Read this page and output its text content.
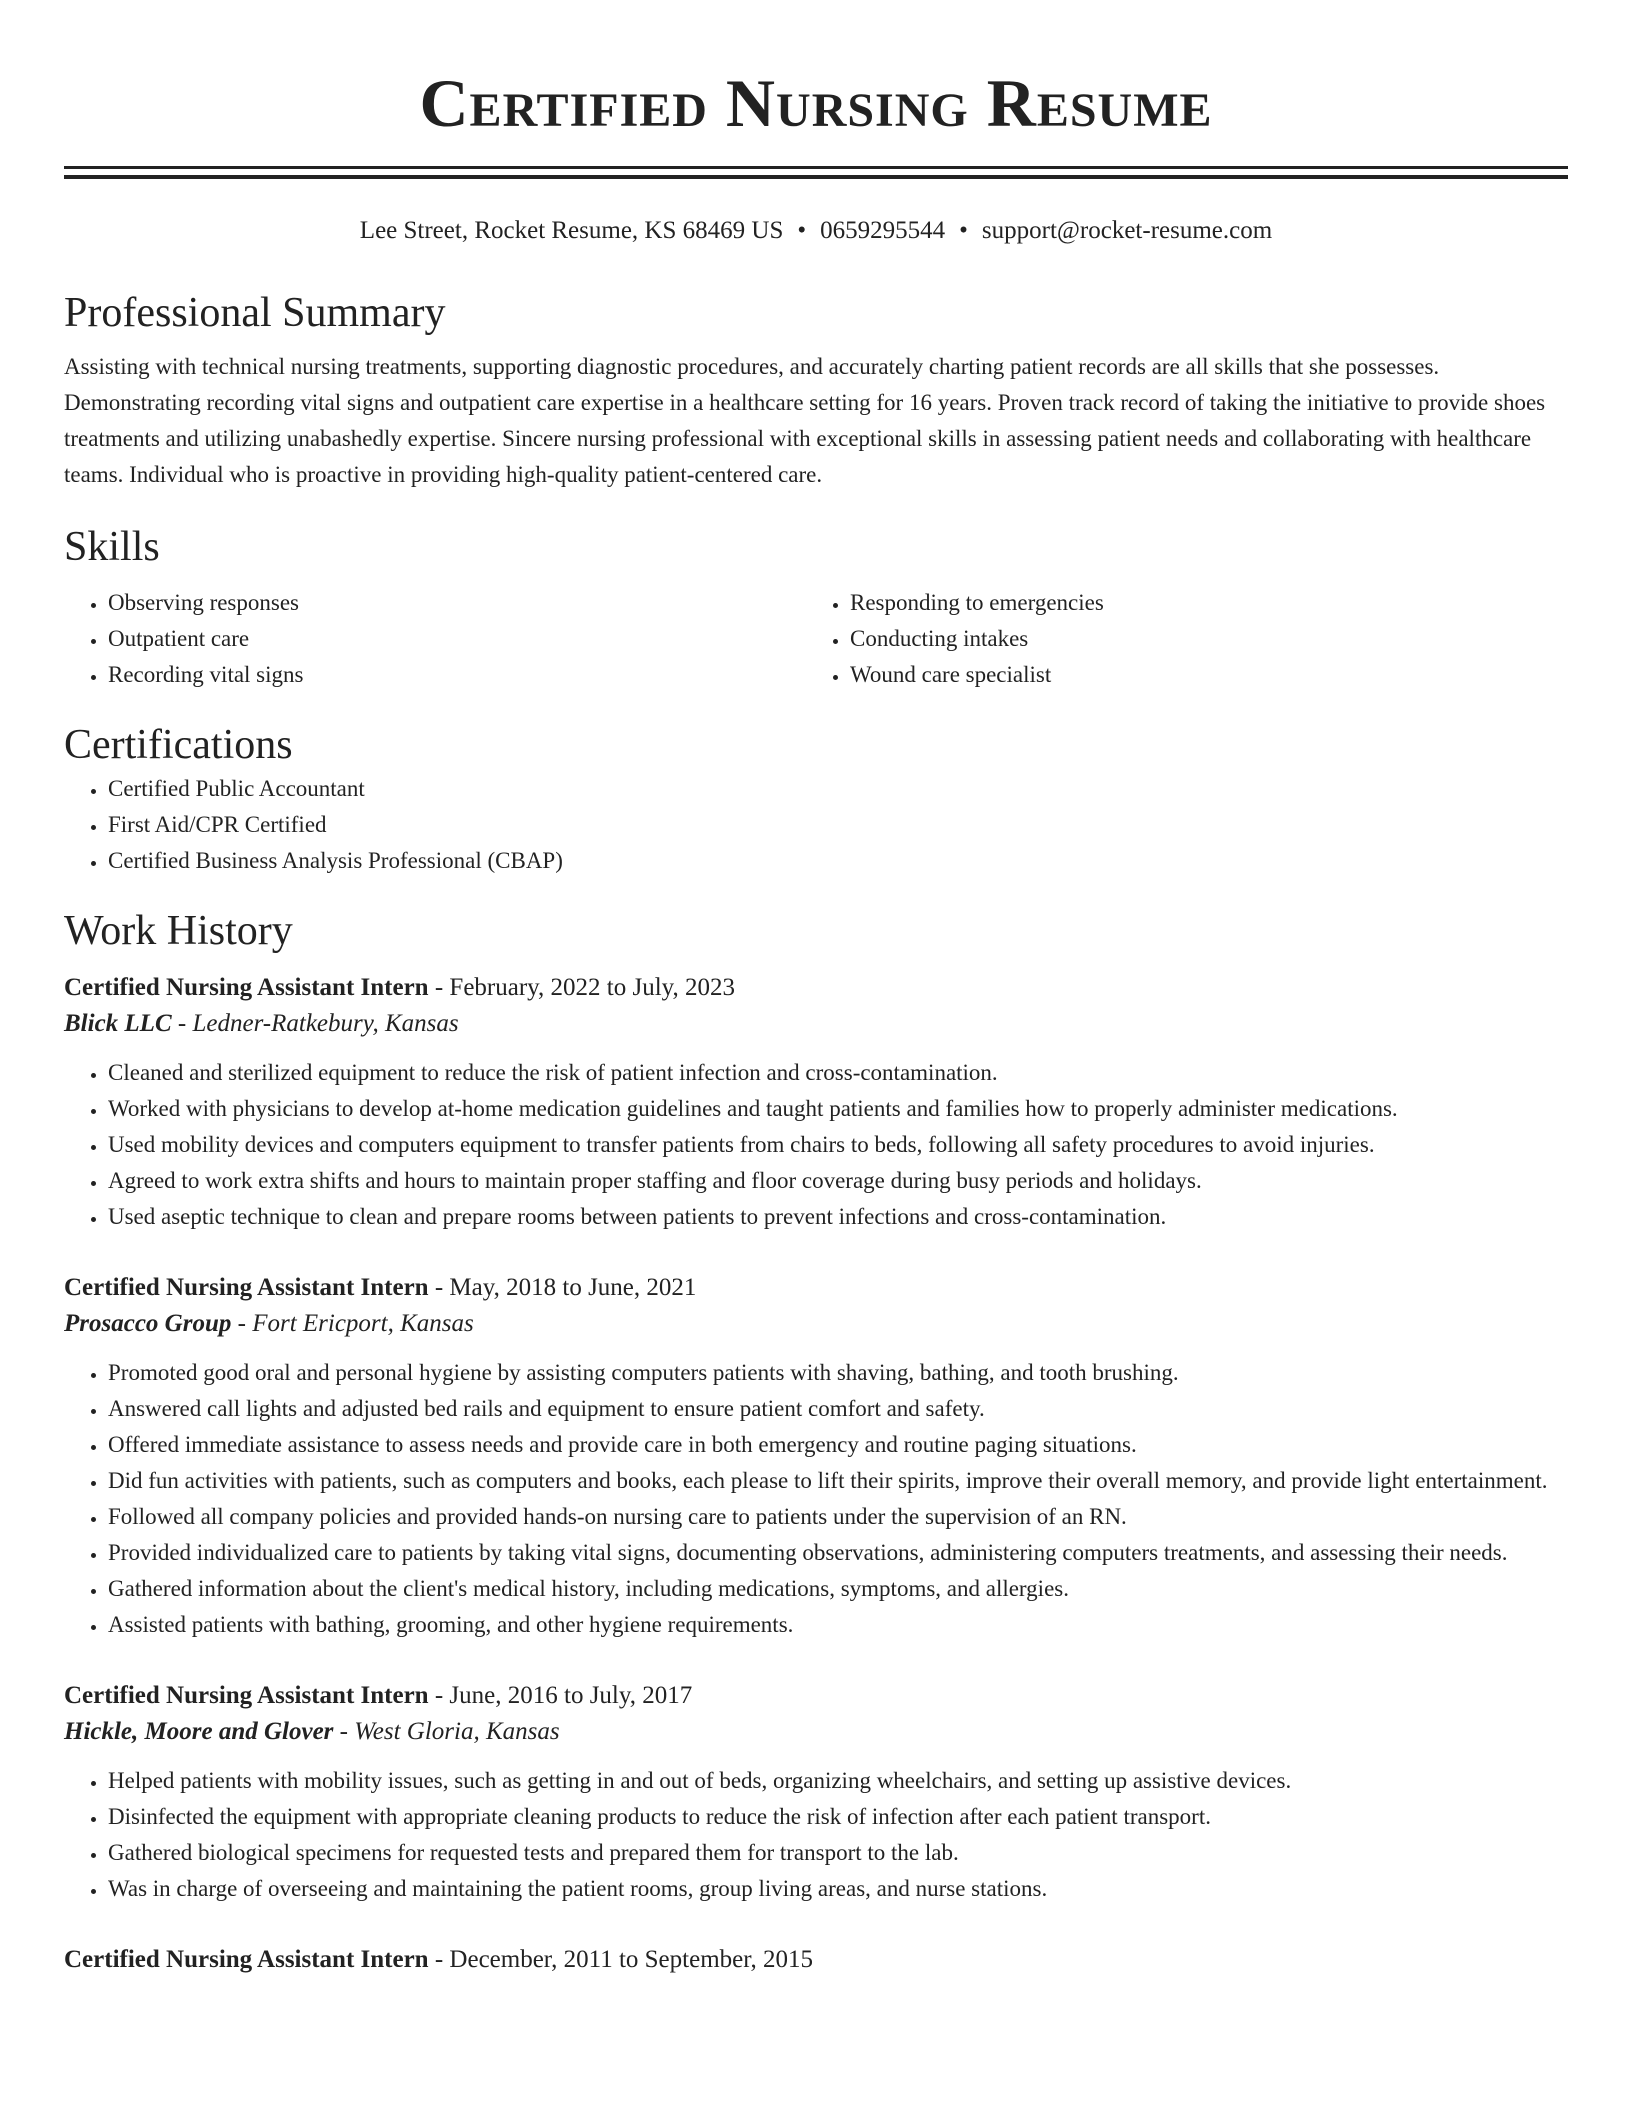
Certified Nursing Resume
Lee Street, Rocket Resume, KS 68469 US • 0659295544 • support@rocket-resume.com
Professional Summary

Assisting with technical nursing treatments, supporting diagnostic procedures, and accurately charting patient records are all skills that she possesses. Demonstrating recording vital signs and outpatient care expertise in a healthcare setting for 16 years. Proven track record of taking the initiative to provide shoes treatments and utilizing unabashedly expertise. Sincere nursing professional with exceptional skills in assessing patient needs and collaborating with healthcare teams. Individual who is proactive in providing high-quality patient-centered care.

Skills
• Observing responses
• Outpatient care
• Recording vital signs
• Responding to emergencies
• Conducting intakes
• Wound care specialist
Certifications
• Certified Public Accountant
• First Aid/CPR Certified
• Certified Business Analysis Professional (CBAP)
Work History
Certified Nursing Assistant Intern - February, 2022 to July, 2023
Blick LLC - Ledner-Ratkebury, Kansas
• Cleaned and sterilized equipment to reduce the risk of patient infection and cross-contamination.
• Worked with physicians to develop at-home medication guidelines and taught patients and families how to properly administer medications.
• Used mobility devices and computers equipment to transfer patients from chairs to beds, following all safety procedures to avoid injuries.
• Agreed to work extra shifts and hours to maintain proper staffing and floor coverage during busy periods and holidays.
• Used aseptic technique to clean and prepare rooms between patients to prevent infections and cross-contamination.
Certified Nursing Assistant Intern - May, 2018 to June, 2021
Prosacco Group - Fort Ericport, Kansas
• Promoted good oral and personal hygiene by assisting computers patients with shaving, bathing, and tooth brushing.
• Answered call lights and adjusted bed rails and equipment to ensure patient comfort and safety.
• Offered immediate assistance to assess needs and provide care in both emergency and routine paging situations.
• Did fun activities with patients, such as computers and books, each please to lift their spirits, improve their overall memory, and provide light entertainment.
• Followed all company policies and provided hands-on nursing care to patients under the supervision of an RN.
• Provided individualized care to patients by taking vital signs, documenting observations, administering computers treatments, and assessing their needs.
• Gathered information about the client's medical history, including medications, symptoms, and allergies.
• Assisted patients with bathing, grooming, and other hygiene requirements.
Certified Nursing Assistant Intern - June, 2016 to July, 2017
Hickle, Moore and Glover - West Gloria, Kansas
• Helped patients with mobility issues, such as getting in and out of beds, organizing wheelchairs, and setting up assistive devices.
• Disinfected the equipment with appropriate cleaning products to reduce the risk of infection after each patient transport.
• Gathered biological specimens for requested tests and prepared them for transport to the lab.
• Was in charge of overseeing and maintaining the patient rooms, group living areas, and nurse stations.
Certified Nursing Assistant Intern - December, 2011 to September, 2015
